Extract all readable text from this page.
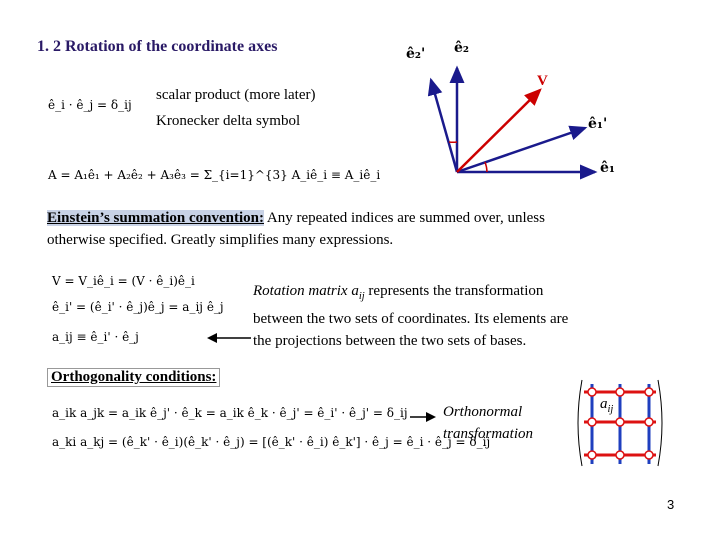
1. 2 Rotation of the coordinate axes
ê_i · ê_j = δ_ij
scalar product (more later)
Kronecker delta symbol
A = A₁ê₁ + A₂ê₂ + A₃ê₃ = Σ_{i=1}^{3} A_iê_i ≡ A_iê_i
ê₂' ê₂
V
ê₁'
ê₁
Einstein’s summation convention: Any repeated indices are summed over, unless
otherwise specified. Greatly simplifies many expressions.
V = V_iê_i = (V · ê_i)ê_i
ê_i' = (ê_i' · ê_j)ê_j = a_ij ê_j
a_ij ≡ ê_i' · ê_j
Rotation matrix $a_{ij}$ represents the transformation
between the two sets of coordinates. Its elements are
the projections between the two sets of bases.
Orthogonality conditions:
a_ik a_jk = a_ik ê_j' · ê_k = a_ik ê_k · ê_j' = ê_i' · ê_j' = δ_ij
a_ki a_kj = (ê_k' · ê_i)(ê_k' · ê_j) = [(ê_k' · ê_i) ê_k'] · ê_j = ê_i · ê_j = δ_ij
Orthonormal
transformation
$a_{ij}$
3
